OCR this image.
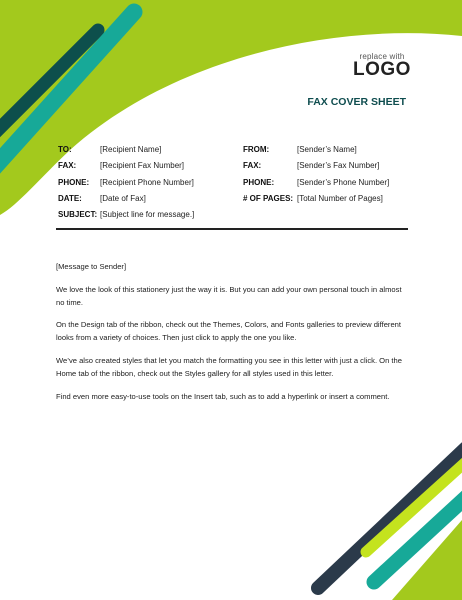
replace with
LOGO
FAX COVER SHEET
TO:	[Recipient Name]
FAX:	[Recipient Fax Number]
PHONE: [Recipient Phone Number]
DATE: [Date of Fax]
SUBJECT: [Subject line for message.]
FROM:	[Sender’s Name]
FAX:	[Sender’s Fax Number]
PHONE:	[Sender’s Phone Number]
# OF PAGES: [Total Number of Pages]

[Message to Sender]

We love the look of this stationery just the way it is. But you can add your own personal touch in almost no time.

On the Design tab of the ribbon, check out the Themes, Colors, and Fonts galleries to preview different looks from a variety of choices. Then just click to apply the one you like.

We’ve also created styles that let you match the formatting you see in this letter with just a click. On the Home tab of the ribbon, check out the Styles gallery for all styles used in this letter.

Find even more easy-to-use tools on the Insert tab, such as to add a hyperlink or insert a comment.
